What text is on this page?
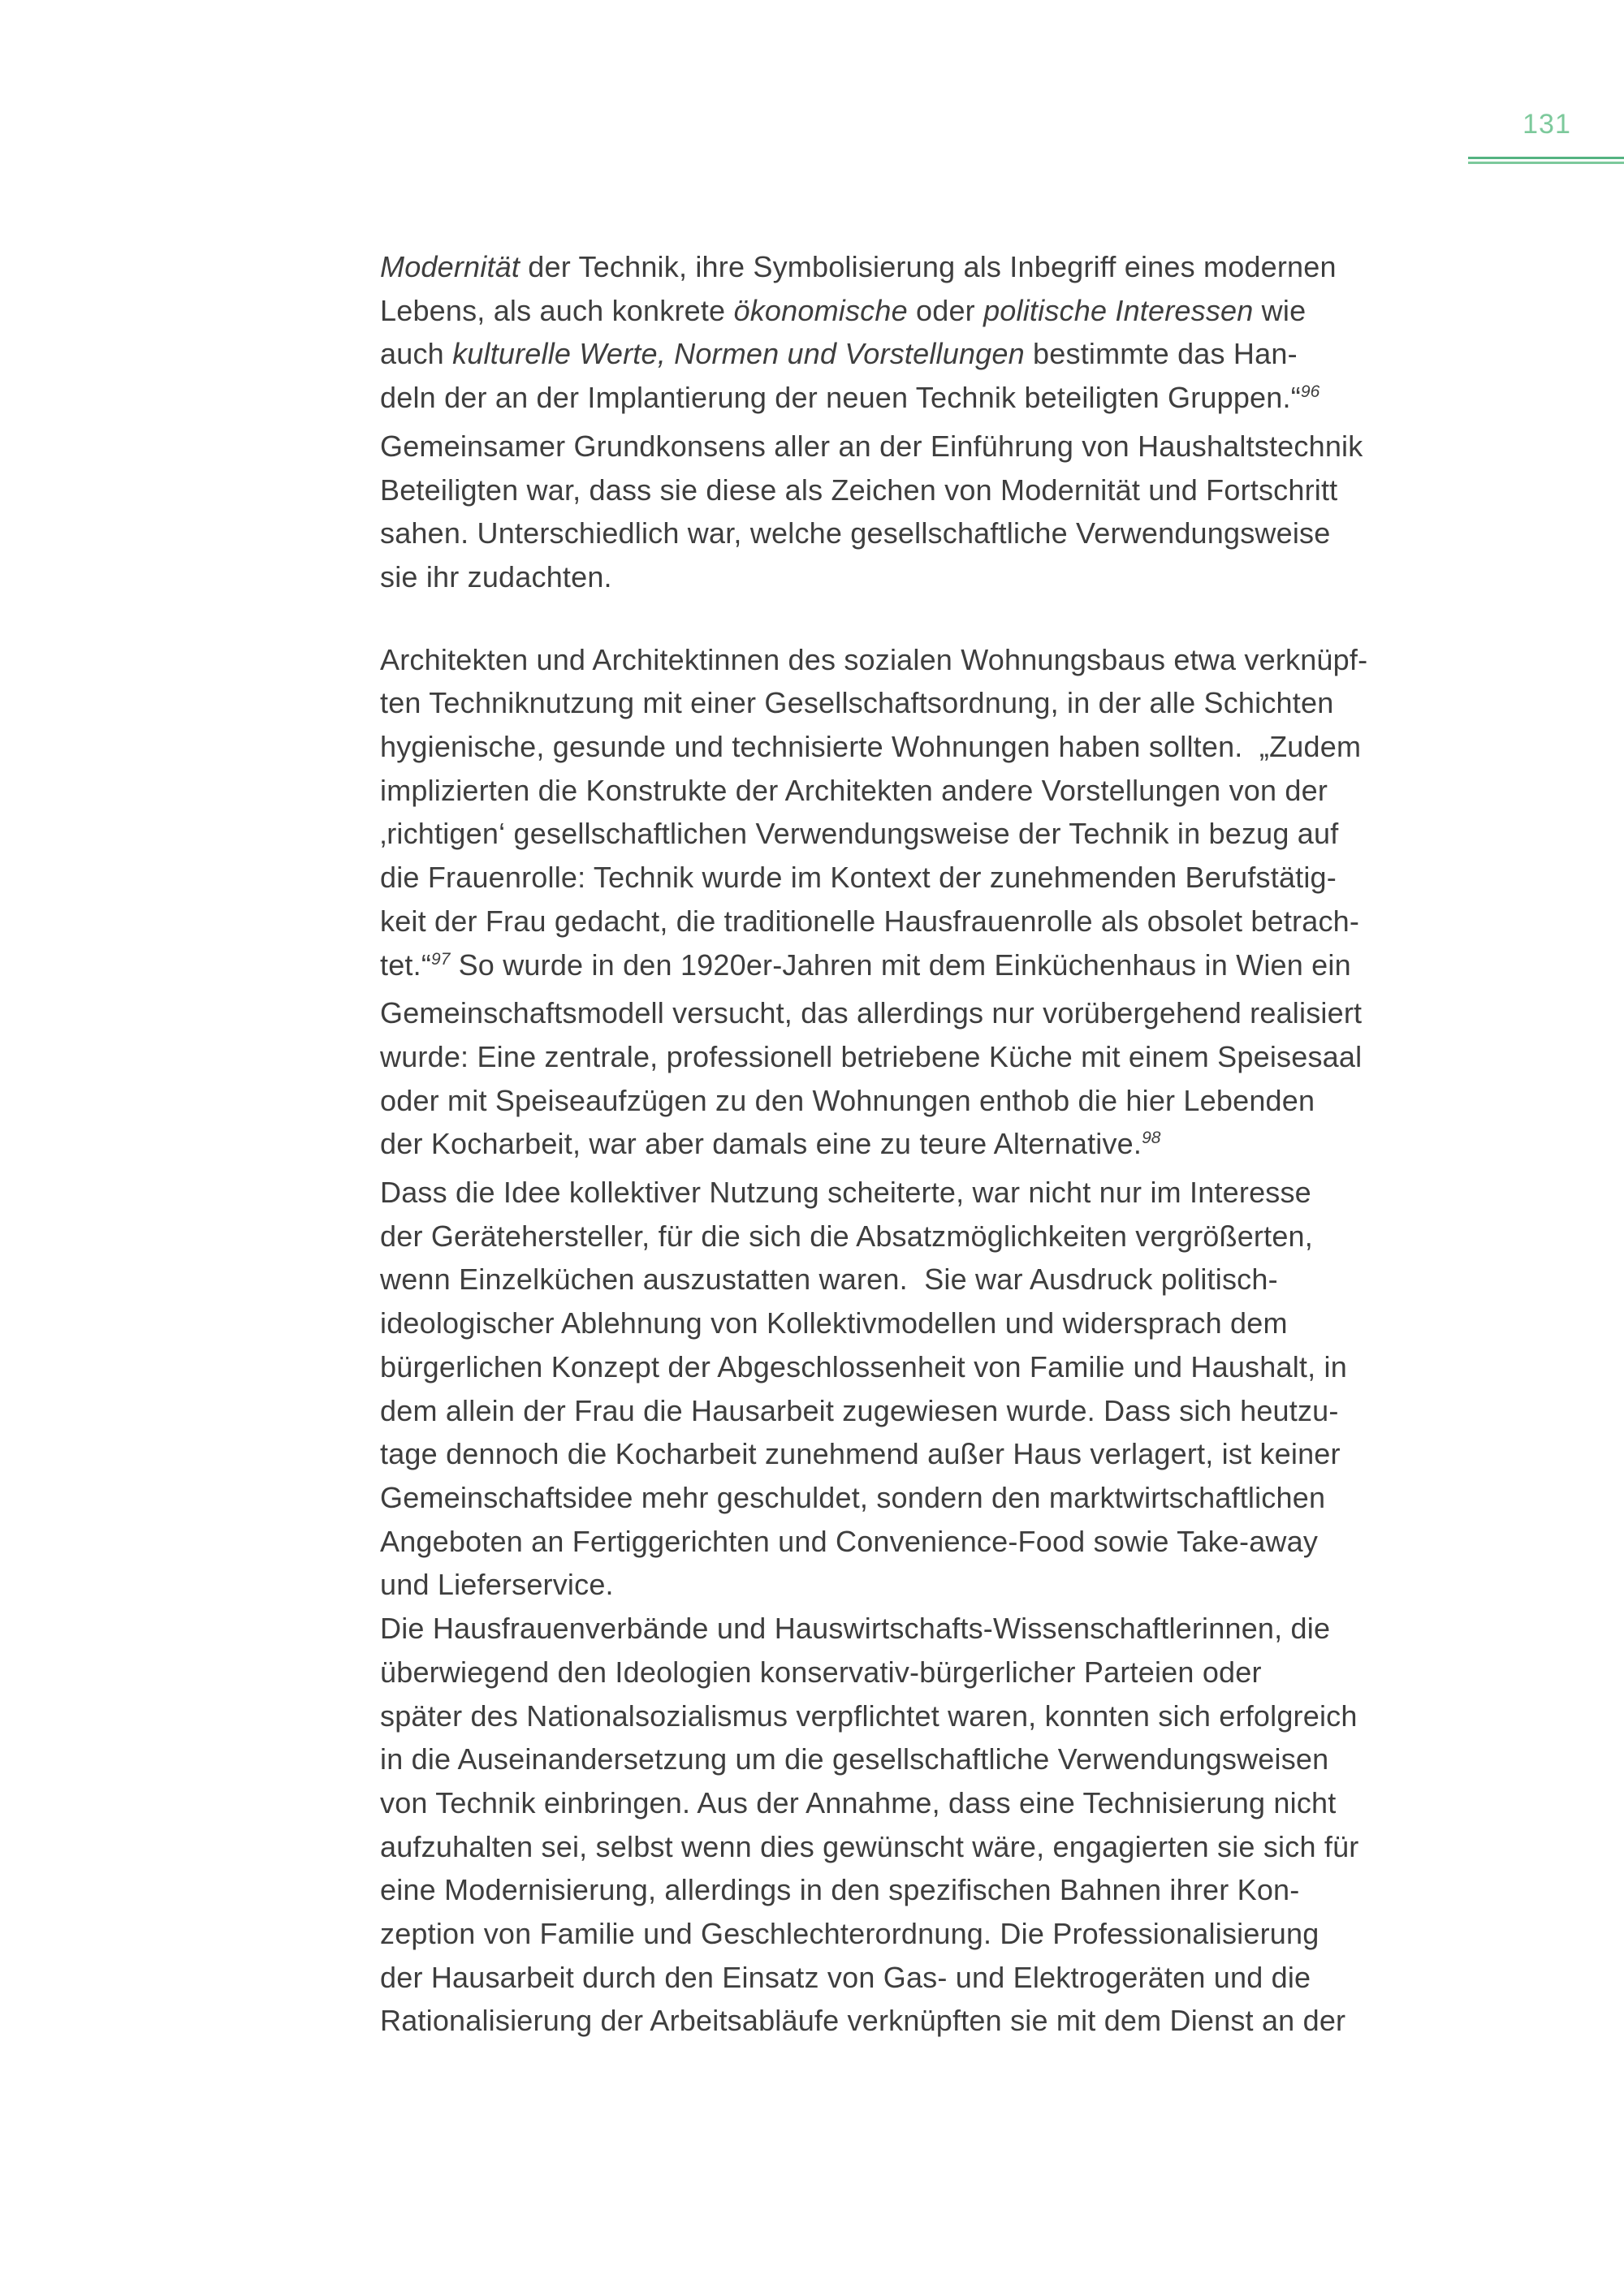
131
Modernität der Technik, ihre Symbolisierung als Inbegriff eines modernen
Lebens, als auch konkrete ökonomische oder politische Interessen wie
auch kulturelle Werte, Normen und Vorstellungen bestimmte das Han-
deln der an der Implantierung der neuen Technik beteiligten Gruppen.“$^{96}$
Gemeinsamer Grundkonsens aller an der Einführung von Haushaltstechnik
Beteiligten war, dass sie diese als Zeichen von Modernität und Fortschritt
sahen. Unterschiedlich war, welche gesellschaftliche Verwendungsweise
sie ihr zudachten.
Architekten und Architektinnen des sozialen Wohnungsbaus etwa verknüpf-
ten Techniknutzung mit einer Gesellschaftsordnung, in der alle Schichten
hygienische, gesunde und technisierte Wohnungen haben sollten.  „Zudem
implizierten die Konstrukte der Architekten andere Vorstellungen von der
‚richtigen‘ gesellschaftlichen Verwendungsweise der Technik in bezug auf
die Frauenrolle: Technik wurde im Kontext der zunehmenden Berufstätig-
keit der Frau gedacht, die traditionelle Hausfrauenrolle als obsolet betrach-
tet.“$^{97}$ So wurde in den 1920er-Jahren mit dem Einküchenhaus in Wien ein
Gemeinschaftsmodell versucht, das allerdings nur vorübergehend realisiert
wurde: Eine zentrale, professionell betriebene Küche mit einem Speisesaal
oder mit Speiseaufzügen zu den Wohnungen enthob die hier Lebenden
der Kocharbeit, war aber damals eine zu teure Alternative.$^{98}$
Dass die Idee kollektiver Nutzung scheiterte, war nicht nur im Interesse
der Gerätehersteller, für die sich die Absatzmöglichkeiten vergrößerten,
wenn Einzelküchen auszustatten waren.  Sie war Ausdruck politisch-
ideologischer Ablehnung von Kollektivmodellen und widersprach dem
bürgerlichen Konzept der Abgeschlossenheit von Familie und Haushalt, in
dem allein der Frau die Hausarbeit zugewiesen wurde. Dass sich heutzu-
tage dennoch die Kocharbeit zunehmend außer Haus verlagert, ist keiner
Gemeinschaftsidee mehr geschuldet, sondern den marktwirtschaftlichen
Angeboten an Fertiggerichten und Convenience-Food sowie Take-away
und Lieferservice.
Die Hausfrauenverbände und Hauswirtschafts-Wissenschaftlerinnen, die
überwiegend den Ideologien konservativ-bürgerlicher Parteien oder
später des Nationalsozialismus verpflichtet waren, konnten sich erfolgreich
in die Auseinandersetzung um die gesellschaftliche Verwendungsweisen
von Technik einbringen. Aus der Annahme, dass eine Technisierung nicht
aufzuhalten sei, selbst wenn dies gewünscht wäre, engagierten sie sich für
eine Modernisierung, allerdings in den spezifischen Bahnen ihrer Kon-
zeption von Familie und Geschlechterordnung. Die Professionalisierung
der Hausarbeit durch den Einsatz von Gas- und Elektrogeräten und die
Rationalisierung der Arbeitsabläufe verknüpften sie mit dem Dienst an der
